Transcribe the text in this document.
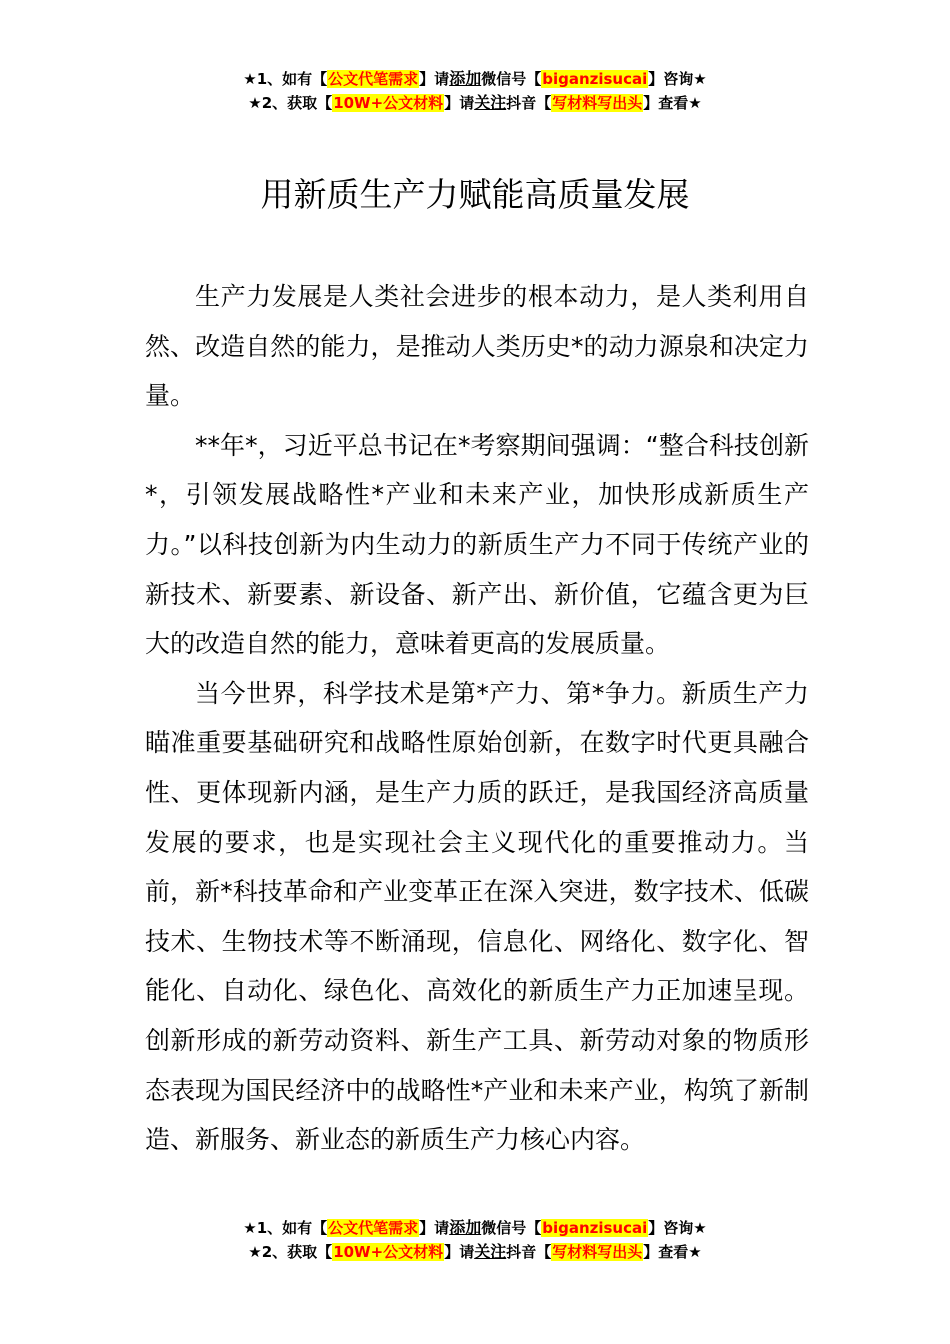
★1、如有【公文代笔需求】请添加微信号【biganzisucai】咨询★
★2、获取【10W+公文材料】请关注抖音【写材料写出头】查看★
用新质生产力赋能高质量发展

生产力发展是人类社会进步的根本动力，是人类利用自然、改造自然的能力，是推动人类历史*的动力源泉和决定力量。

**年*，习近平总书记在*考察期间强调：“整合科技创新*，引领发展战略性*产业和未来产业，加快形成新质生产力。”以科技创新为内生动力的新质生产力不同于传统产业的新技术、新要素、新设备、新产出、新价值，它蕴含更为巨大的改造自然的能力，意味着更高的发展质量。

当今世界，科学技术是第*产力、第*争力。新质生产力瞄准重要基础研究和战略性原始创新，在数字时代更具融合性、更体现新内涵，是生产力质的跃迁，是我国经济高质量发展的要求，也是实现社会主义现代化的重要推动力。当前，新*科技革命和产业变革正在深入突进，数字技术、低碳技术、生物技术等不断涌现，信息化、网络化、数字化、智能化、自动化、绿色化、高效化的新质生产力正加速呈现。创新形成的新劳动资料、新生产工具、新劳动对象的物质形态表现为国民经济中的战略性*产业和未来产业，构筑了新制造、新服务、新业态的新质生产力核心内容。

★1、如有【公文代笔需求】请添加微信号【biganzisucai】咨询★
★2、获取【10W+公文材料】请关注抖音【写材料写出头】查看★
